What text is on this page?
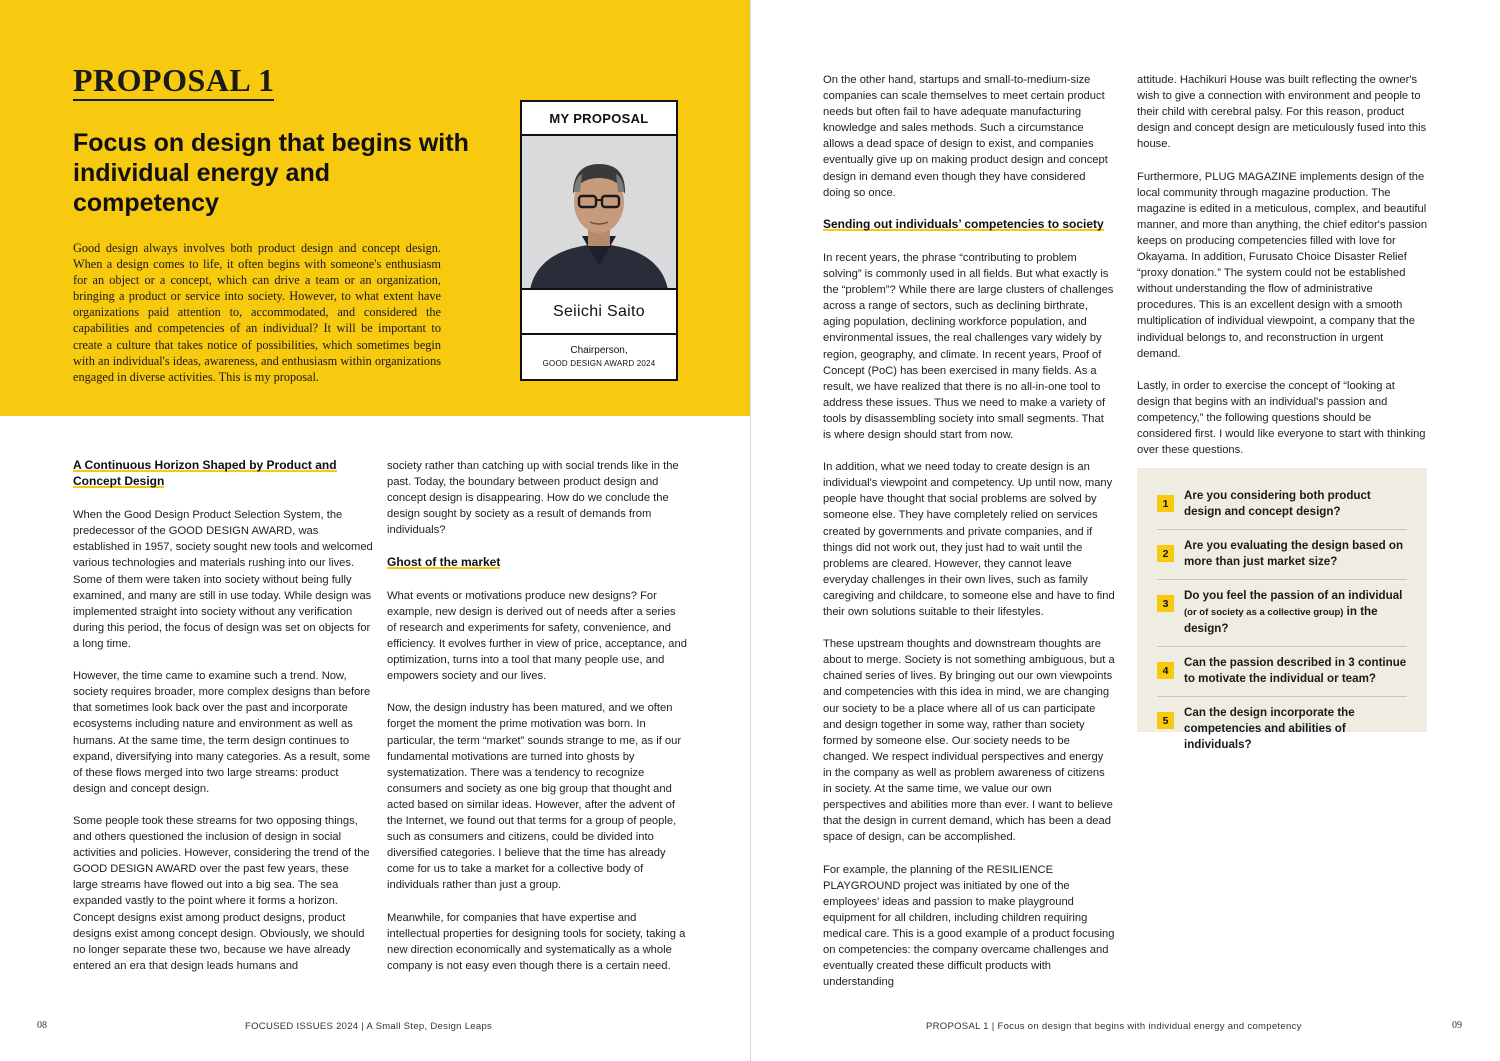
PROPOSAL 1
Focus on design that begins with individual energy and competency
Good design always involves both product design and concept design. When a design comes to life, it often begins with someone's enthusiasm for an object or a concept, which can drive a team or an organization, bringing a product or service into society. However, to what extent have organizations paid attention to, accommodated, and considered the capabilities and competencies of an individual? It will be important to create a culture that takes notice of possibilities, which sometimes begin with an individual's ideas, awareness, and enthusiasm within organizations engaged in diverse activities. This is my proposal.
MY PROPOSAL
Seiichi Saito
Chairperson,
GOOD DESIGN AWARD 2024
A Continuous Horizon Shaped by Product and Concept Design

When the Good Design Product Selection System, the predecessor of the GOOD DESIGN AWARD, was established in 1957, society sought new tools and welcomed various technologies and materials rushing into our lives. Some of them were taken into society without being fully examined, and many are still in use today. While design was implemented straight into society without any verification during this period, the focus of design was set on objects for a long time.

However, the time came to examine such a trend. Now, society requires broader, more complex designs than before that sometimes look back over the past and incorporate ecosystems including nature and environment as well as humans. At the same time, the term design continues to expand, diversifying into many categories. As a result, some of these flows merged into two large streams: product design and concept design.

Some people took these streams for two opposing things, and others questioned the inclusion of design in social activities and policies. However, considering the trend of the GOOD DESIGN AWARD over the past few years, these large streams have flowed out into a big sea. The sea expanded vastly to the point where it forms a horizon. Concept designs exist among product designs, product designs exist among concept design. Obviously, we should no longer separate these two, because we have already entered an era that design leads humans and

society rather than catching up with social trends like in the past. Today, the boundary between product design and concept design is disappearing. How do we conclude the design sought by society as a result of demands from individuals?

Ghost of the market

What events or motivations produce new designs? For example, new design is derived out of needs after a series of research and experiments for safety, convenience, and efficiency. It evolves further in view of price, acceptance, and optimization, turns into a tool that many people use, and empowers society and our lives.

Now, the design industry has been matured, and we often forget the moment the prime motivation was born. In particular, the term “market” sounds strange to me, as if our fundamental motivations are turned into ghosts by systematization. There was a tendency to recognize consumers and society as one big group that thought and acted based on similar ideas. However, after the advent of the Internet, we found out that terms for a group of people, such as consumers and citizens, could be divided into diversified categories. I believe that the time has already come for us to take a market for a collective body of individuals rather than just a group.

Meanwhile, for companies that have expertise and intellectual properties for designing tools for society, taking a new direction economically and systematically as a whole company is not easy even though there is a certain need.

FOCUSED ISSUES 2024 | A Small Step, Design Leaps
08

On the other hand, startups and small-to-medium-size companies can scale themselves to meet certain product needs but often fail to have adequate manufacturing knowledge and sales methods. Such a circumstance allows a dead space of design to exist, and companies eventually give up on making product design and concept design in demand even though they have considered doing so once.

Sending out individuals’ competencies to society

In recent years, the phrase “contributing to problem solving” is commonly used in all fields. But what exactly is the “problem”? While there are large clusters of challenges across a range of sectors, such as declining birthrate, aging population, declining workforce population, and environmental issues, the real challenges vary widely by region, geography, and climate. In recent years, Proof of Concept (PoC) has been exercised in many fields. As a result, we have realized that there is no all-in-one tool to address these issues. Thus we need to make a variety of tools by disassembling society into small segments. That is where design should start from now.

In addition, what we need today to create design is an individual's viewpoint and competency. Up until now, many people have thought that social problems are solved by someone else. They have completely relied on services created by governments and private companies, and if things did not work out, they just had to wait until the problems are cleared. However, they cannot leave everyday challenges in their own lives, such as family caregiving and childcare, to someone else and have to find their own solutions suitable to their lifestyles.

These upstream thoughts and downstream thoughts are about to merge. Society is not something ambiguous, but a chained series of lives. By bringing out our own viewpoints and competencies with this idea in mind, we are changing our society to be a place where all of us can participate and design together in some way, rather than society formed by someone else. Our society needs to be changed. We respect individual perspectives and energy in the company as well as problem awareness of citizens in society. At the same time, we value our own perspectives and abilities more than ever. I want to believe that the design in current demand, which has been a dead space of design, can be accomplished.

For example, the planning of the RESILIENCE PLAYGROUND project was initiated by one of the employees' ideas and passion to make playground equipment for all children, including children requiring medical care. This is a good example of a product focusing on competencies: the company overcame challenges and eventually created these difficult products with understanding

attitude. Hachikuri House was built reflecting the owner's wish to give a connection with environment and people to their child with cerebral palsy. For this reason, product design and concept design are meticulously fused into this house.

Furthermore, PLUG MAGAZINE implements design of the local community through magazine production. The magazine is edited in a meticulous, complex, and beautiful manner, and more than anything, the chief editor's passion keeps on producing competencies filled with love for Okayama. In addition, Furusato Choice Disaster Relief “proxy donation.” The system could not be established without understanding the flow of administrative procedures. This is an excellent design with a smooth multiplication of individual viewpoint, a company that the individual belongs to, and reconstruction in urgent demand.

Lastly, in order to exercise the concept of “looking at design that begins with an individual's passion and competency,” the following questions should be considered first. I would like everyone to start with thinking over these questions.

1
Are you considering both product design and concept design?
2
Are you evaluating the design based on more than just market size?
3
Do you feel the passion of an individual (or of society as a collective group) in the design?
4
Can the passion described in 3 continue to motivate the individual or team?
5
Can the design incorporate the competencies and abilities of individuals?
PROPOSAL 1 | Focus on design that begins with individual energy and competency	09
